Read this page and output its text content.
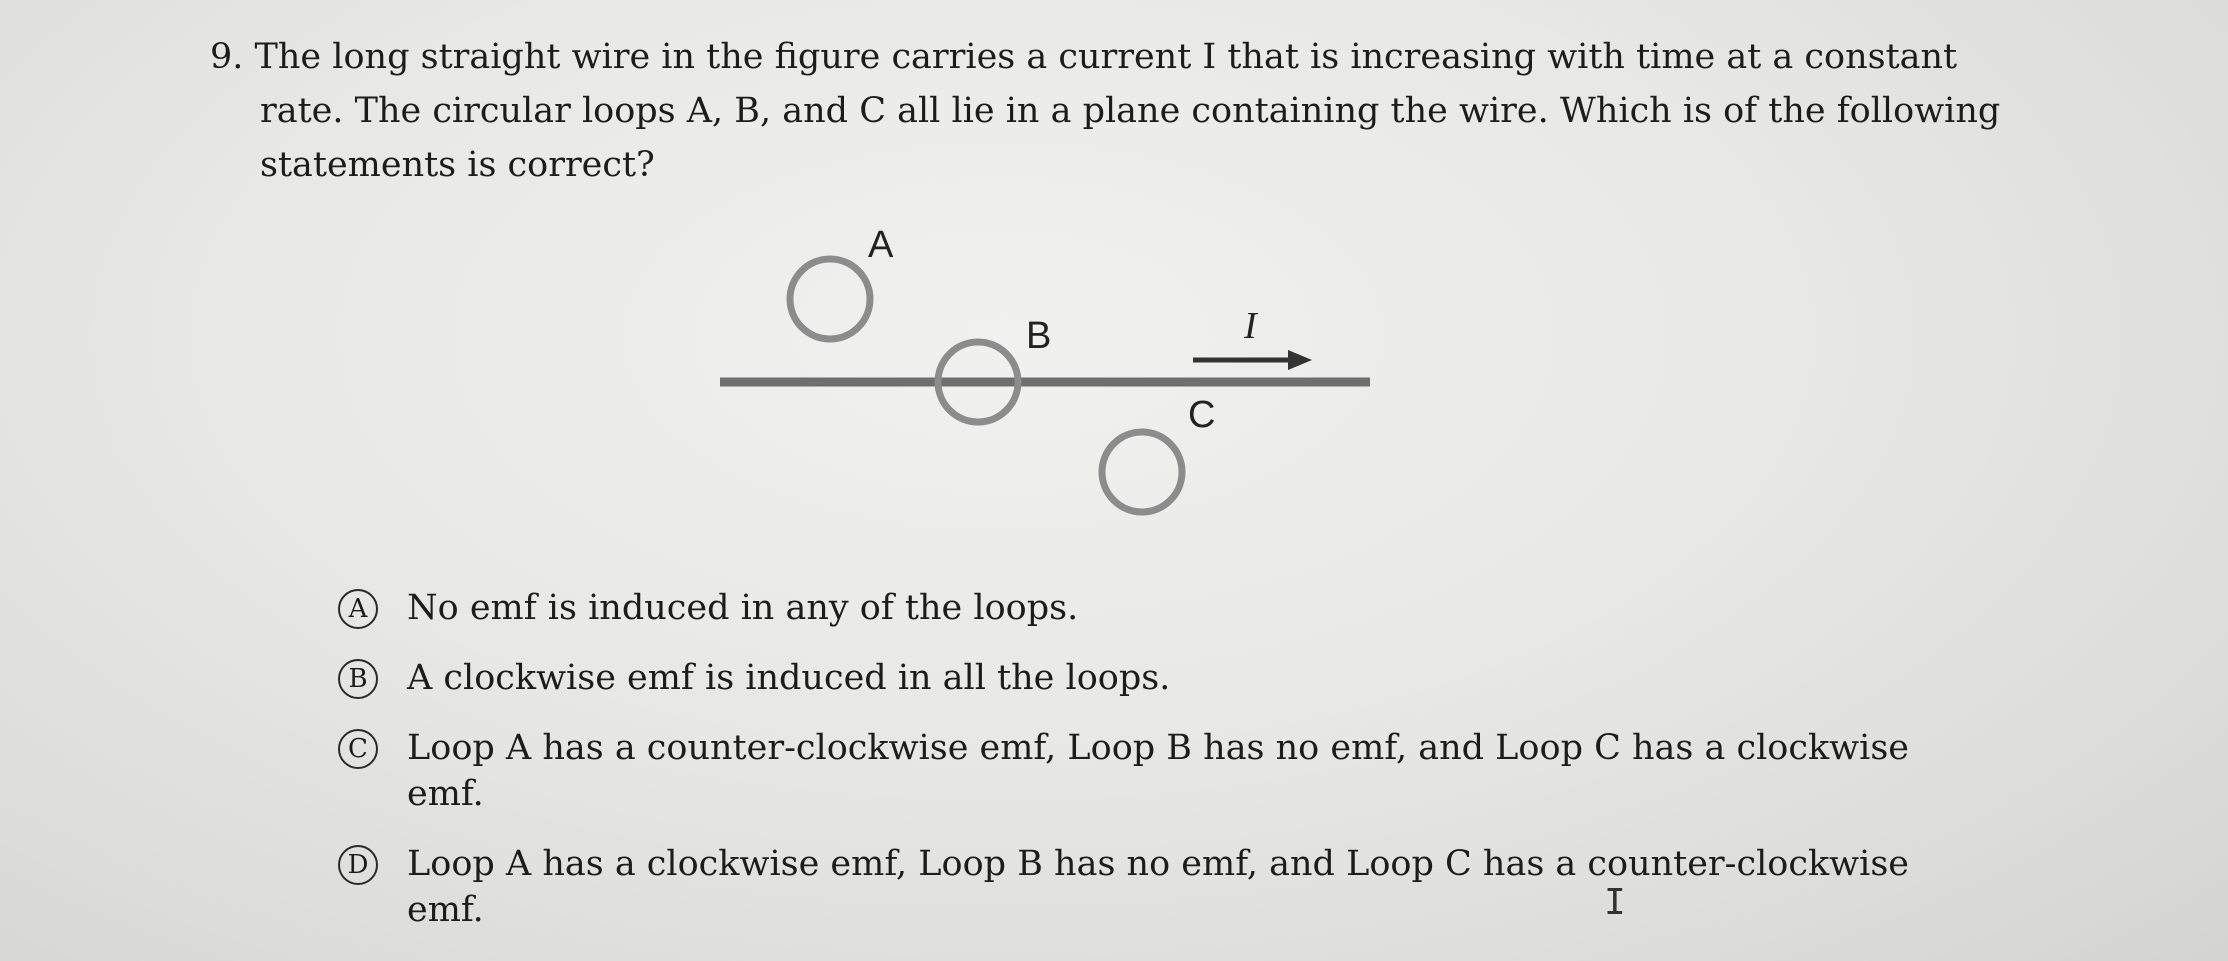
9. The long straight wire in the figure carries a current I that is increasing with time at a constant
rate. The circular loops A, B, and C all lie in a plane containing the wire. Which is of the following
statements is correct?
A
B
C
I
A	No emf is induced in any of the loops.
B A clockwise emf is induced in all the loops.
C Loop A has a counter-clockwise emf, Loop B has no emf, and Loop C has a clockwise
emf.
D Loop A has a clockwise emf, Loop B has no emf, and Loop C has a counter-clockwise
emf.	I
